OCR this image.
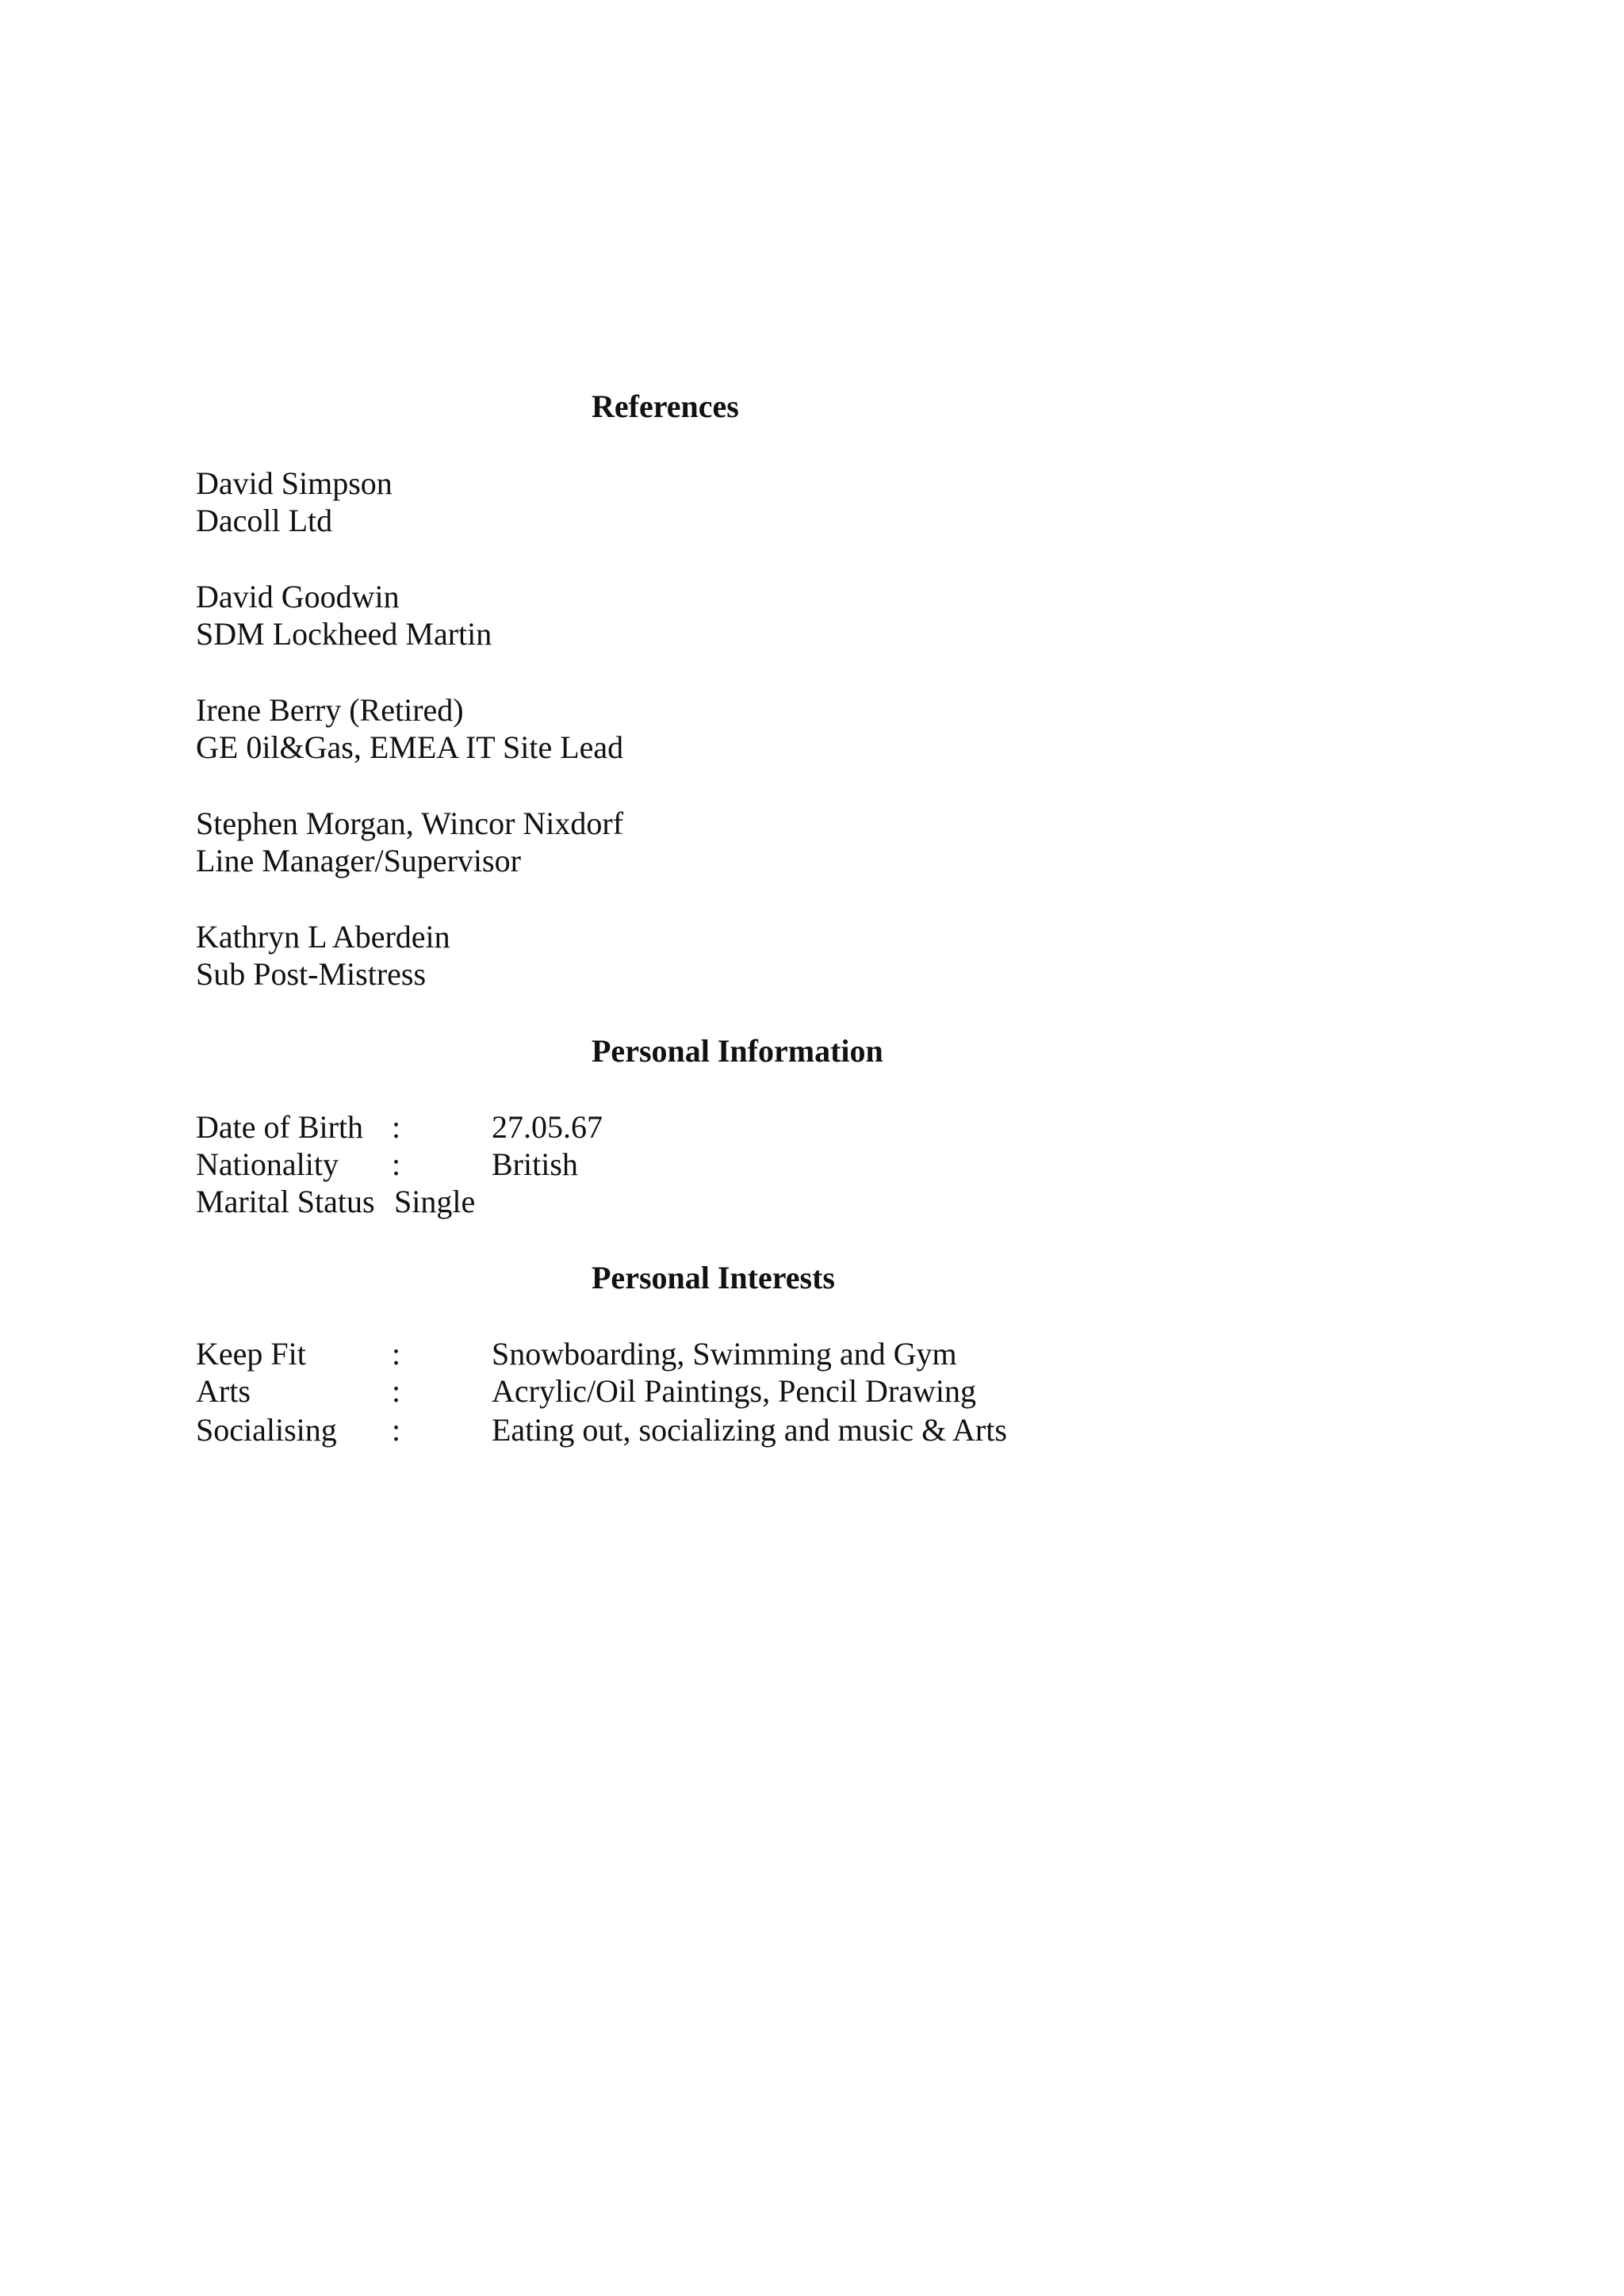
References
David Simpson
Dacoll Ltd
David Goodwin
SDM Lockheed Martin
Irene Berry (Retired)
GE 0il&Gas, EMEA IT Site Lead
Stephen Morgan, Wincor Nixdorf
Line Manager/Supervisor
Kathryn L Aberdein
Sub Post-Mistress
Personal Information
Date of Birth :	27.05.67
Nationality :	British
Marital Status Single
Personal Interests
Keep Fit	:	Snowboarding, Swimming and Gym
Arts	:	Acrylic/Oil Paintings, Pencil Drawing
Socialising :	Eating out, socializing and music & Arts
